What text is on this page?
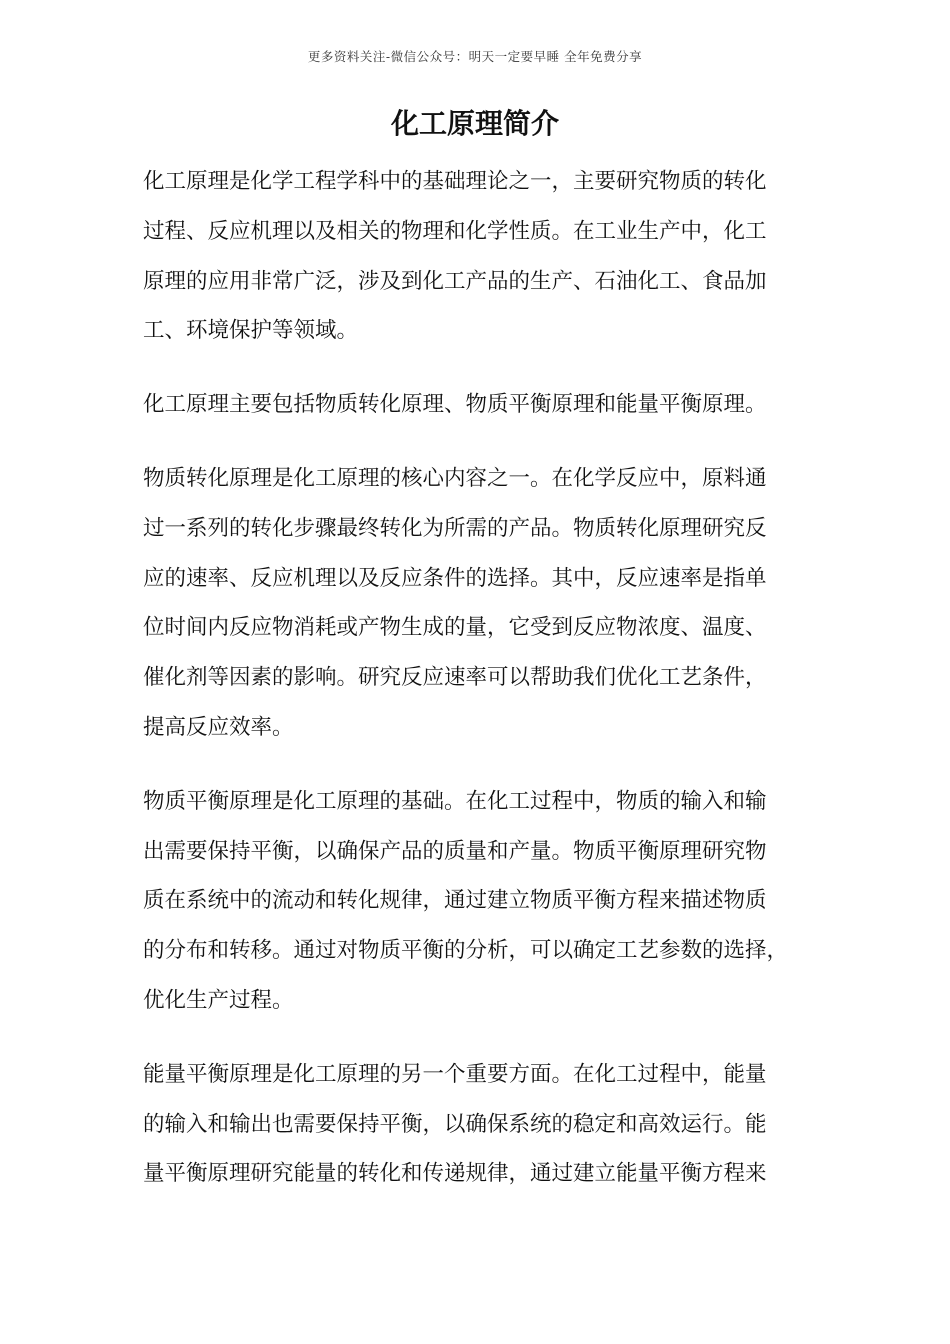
更多资料关注-微信公众号：明天一定要早睡 全年免费分享
化工原理简介

化工原理是化学工程学科中的基础理论之一，主要研究物质的转化
过程、反应机理以及相关的物理和化学性质。在工业生产中，化工
原理的应用非常广泛，涉及到化工产品的生产、石油化工、食品加
工、环境保护等领域。

化工原理主要包括物质转化原理、物质平衡原理和能量平衡原理。

物质转化原理是化工原理的核心内容之一。在化学反应中，原料通
过一系列的转化步骤最终转化为所需的产品。物质转化原理研究反
应的速率、反应机理以及反应条件的选择。其中，反应速率是指单
位时间内反应物消耗或产物生成的量，它受到反应物浓度、温度、
催化剂等因素的影响。研究反应速率可以帮助我们优化工艺条件，
提高反应效率。

物质平衡原理是化工原理的基础。在化工过程中，物质的输入和输
出需要保持平衡，以确保产品的质量和产量。物质平衡原理研究物
质在系统中的流动和转化规律，通过建立物质平衡方程来描述物质
的分布和转移。通过对物质平衡的分析，可以确定工艺参数的选择，
优化生产过程。

能量平衡原理是化工原理的另一个重要方面。在化工过程中，能量
的输入和输出也需要保持平衡，以确保系统的稳定和高效运行。能
量平衡原理研究能量的转化和传递规律，通过建立能量平衡方程来
